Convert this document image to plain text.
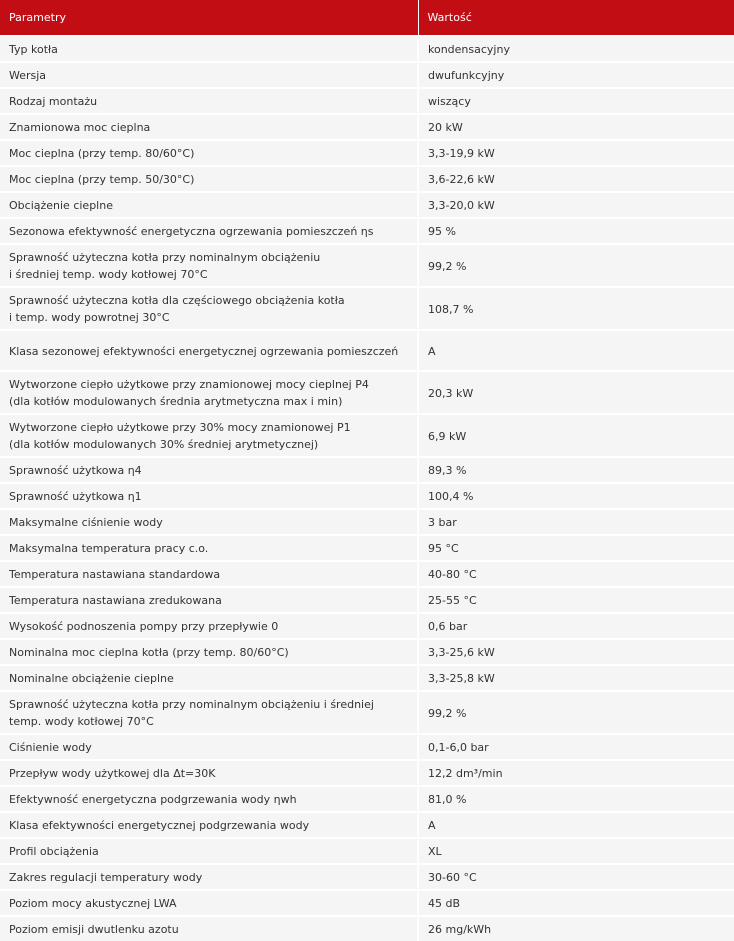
Parametry	Wartość

Typ kotła	kondensacyjny

Wersja	dwufunkcyjny

Rodzaj montażu	wiszący

Znamionowa moc cieplna	20 kW

Moc cieplna (przy temp. 80/60°C)	3,3-19,9 kW

Moc cieplna (przy temp. 50/30°C)	3,6-22,6 kW

Obciążenie cieplne	3,3-20,0 kW

Sezonowa efektywność energetyczna ogrzewania pomieszczeń ηs	95 %

Sprawność użyteczna kotła przy nominalnym obciążeniu
i średniej temp. wody kotłowej 70°C	99,2 %

Sprawność użyteczna kotła dla częściowego obciążenia kotła
i temp. wody powrotnej 30°C	108,7 %

Klasa sezonowej efektywności energetycznej ogrzewania pomieszczeń	A

Wytworzone ciepło użytkowe przy znamionowej mocy cieplnej P4
(dla kotłów modulowanych średnia arytmetyczna max i min)	20,3 kW

Wytworzone ciepło użytkowe przy 30% mocy znamionowej P1
(dla kotłów modulowanych 30% średniej arytmetycznej)	6,9 kW

Sprawność użytkowa η4	89,3 %

Sprawność użytkowa η1	100,4 %

Maksymalne ciśnienie wody	3 bar

Maksymalna temperatura pracy c.o.	95 °C

Temperatura nastawiana standardowa	40-80 °C

Temperatura nastawiana zredukowana	25-55 °C

Wysokość podnoszenia pompy przy przepływie 0	0,6 bar

Nominalna moc cieplna kotła (przy temp. 80/60°C)	3,3-25,6 kW

Nominalne obciążenie cieplne	3,3-25,8 kW

Sprawność użyteczna kotła przy nominalnym obciążeniu i średniej temp. wody kotłowej 70°C	99,2 %

Ciśnienie wody	0,1-6,0 bar

Przepływ wody użytkowej dla Δt=30K	12,2 dm³/min

Efektywność energetyczna podgrzewania wody ηwh	81,0 %

Klasa efektywności energetycznej podgrzewania wody	A

Profil obciążenia	XL

Zakres regulacji temperatury wody	30-60 °C

Poziom mocy akustycznej LWA	45 dB

Poziom emisji dwutlenku azotu	26 mg/kWh
